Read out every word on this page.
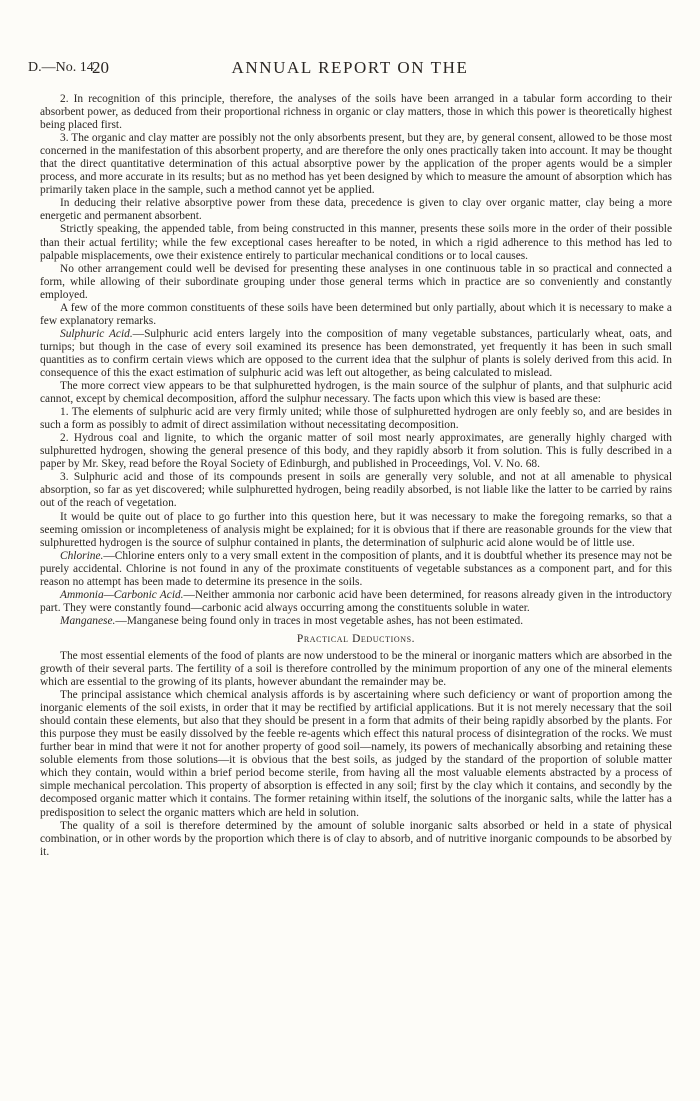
D.—No. 14.
20	ANNUAL REPORT ON THE

2. In recognition of this principle, therefore, the analyses of the soils have been arranged in a tabular form according to their absorbent power, as deduced from their proportional richness in organic or clay matters, those in which this power is theoretically highest being placed first.

3. The organic and clay matter are possibly not the only absorbents present, but they are, by general consent, allowed to be those most concerned in the manifestation of this absorbent property, and are therefore the only ones practically taken into account. It may be thought that the direct quantitative determination of this actual absorptive power by the application of the proper agents would be a simpler process, and more accurate in its results; but as no method has yet been designed by which to measure the amount of absorption which has primarily taken place in the sample, such a method cannot yet be applied.

In deducing their relative absorptive power from these data, precedence is given to clay over organic matter, clay being a more energetic and permanent absorbent.

Strictly speaking, the appended table, from being constructed in this manner, presents these soils more in the order of their possible than their actual fertility; while the few exceptional cases hereafter to be noted, in which a rigid adherence to this method has led to palpable misplacements, owe their existence entirely to particular mechanical conditions or to local causes.

No other arrangement could well be devised for presenting these analyses in one continuous table in so practical and connected a form, while allowing of their subordinate grouping under those general terms which in practice are so conveniently and constantly employed.

A few of the more common constituents of these soils have been determined but only partially, about which it is necessary to make a few explanatory remarks.

Sulphuric Acid.—Sulphuric acid enters largely into the composition of many vegetable substances, particularly wheat, oats, and turnips; but though in the case of every soil examined its presence has been demonstrated, yet frequently it has been in such small quantities as to confirm certain views which are opposed to the current idea that the sulphur of plants is solely derived from this acid. In consequence of this the exact estimation of sulphuric acid was left out altogether, as being calculated to mislead.

The more correct view appears to be that sulphuretted hydrogen, is the main source of the sulphur of plants, and that sulphuric acid cannot, except by chemical decomposition, afford the sulphur necessary. The facts upon which this view is based are these:

1. The elements of sulphuric acid are very firmly united; while those of sulphuretted hydrogen are only feebly so, and are besides in such a form as possibly to admit of direct assimilation without necessitating decomposition.

2. Hydrous coal and lignite, to which the organic matter of soil most nearly approximates, are generally highly charged with sulphuretted hydrogen, showing the general presence of this body, and they rapidly absorb it from solution. This is fully described in a paper by Mr. Skey, read before the Royal Society of Edinburgh, and published in Proceedings, Vol. V. No. 68.

3. Sulphuric acid and those of its compounds present in soils are generally very soluble, and not at all amenable to physical absorption, so far as yet discovered; while sulphuretted hydrogen, being readily absorbed, is not liable like the latter to be carried by rains out of the reach of vegetation.

It would be quite out of place to go further into this question here, but it was necessary to make the foregoing remarks, so that a seeming omission or incompleteness of analysis might be explained; for it is obvious that if there are reasonable grounds for the view that sulphuretted hydrogen is the source of sulphur contained in plants, the determination of sulphuric acid alone would be of little use.

Chlorine.—Chlorine enters only to a very small extent in the composition of plants, and it is doubtful whether its presence may not be purely accidental. Chlorine is not found in any of the proximate constituents of vegetable substances as a component part, and for this reason no attempt has been made to determine its presence in the soils.

Ammonia—Carbonic Acid.—Neither ammonia nor carbonic acid have been determined, for reasons already given in the introductory part. They were constantly found—carbonic acid always occurring among the constituents soluble in water.

Manganese.—Manganese being found only in traces in most vegetable ashes, has not been estimated.

Practical Deductions.

The most essential elements of the food of plants are now understood to be the mineral or inorganic matters which are absorbed in the growth of their several parts. The fertility of a soil is therefore controlled by the minimum proportion of any one of the mineral elements which are essential to the growing of its plants, however abundant the remainder may be.

The principal assistance which chemical analysis affords is by ascertaining where such deficiency or want of proportion among the inorganic elements of the soil exists, in order that it may be rectified by artificial applications. But it is not merely necessary that the soil should contain these elements, but also that they should be present in a form that admits of their being rapidly absorbed by the plants. For this purpose they must be easily dissolved by the feeble re-agents which effect this natural process of disintegration of the rocks. We must further bear in mind that were it not for another property of good soil—namely, its powers of mechanically absorbing and retaining these soluble elements from those solutions—it is obvious that the best soils, as judged by the standard of the proportion of soluble matter which they contain, would within a brief period become sterile, from having all the most valuable elements abstracted by a process of simple mechanical percolation. This property of absorption is effected in any soil; first by the clay which it contains, and secondly by the decomposed organic matter which it contains. The former retaining within itself, the solutions of the inorganic salts, while the latter has a predisposition to select the organic matters which are held in solution.

The quality of a soil is therefore determined by the amount of soluble inorganic salts absorbed or held in a state of physical combination, or in other words by the proportion which there is of clay to absorb, and of nutritive inorganic compounds to be absorbed by it.
